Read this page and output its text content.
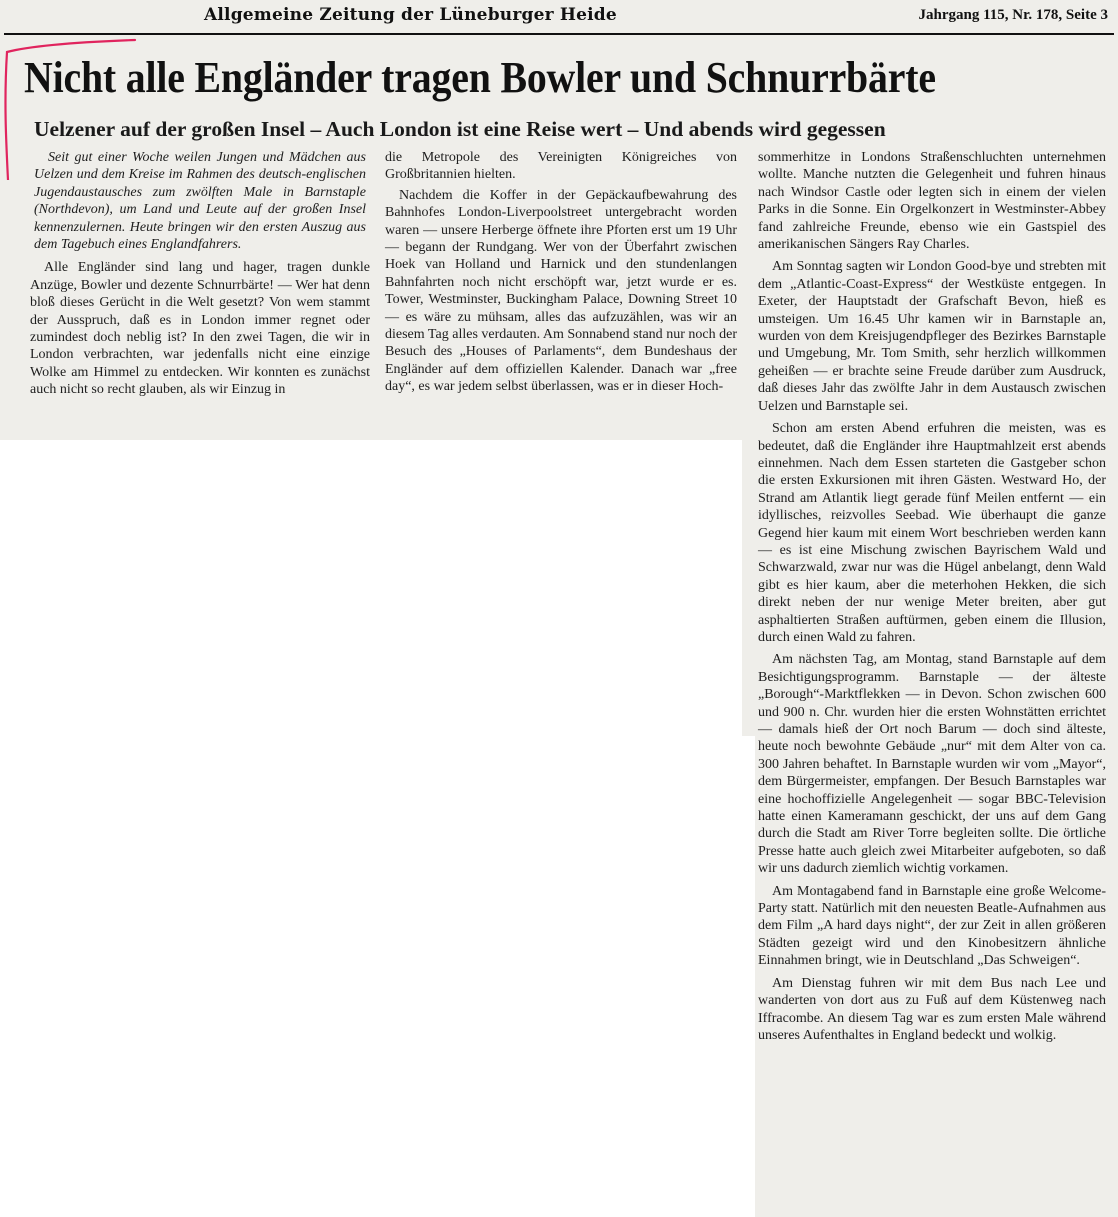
Allgemeine Zeitung der Lüneburger Heide	Jahrgang 115, Nr. 178, Seite 3
Nicht alle Engländer tragen Bowler und Schnurrbärte
Uelzener auf der großen Insel – Auch London ist eine Reise wert – Und abends wird gegessen

Seit gut einer Woche weilen Jungen und Mädchen aus Uelzen und dem Kreise im Rahmen des deutsch-englischen Jugendaustausches zum zwölften Male in Barnstaple (Northdevon), um Land und Leute auf der großen Insel kennenzulernen. Heute bringen wir den ersten Auszug aus dem Tagebuch eines Englandfahrers.

Alle Engländer sind lang und hager, tragen dunkle Anzüge, Bowler und dezente Schnurrbärte! — Wer hat denn bloß dieses Gerücht in die Welt gesetzt? Von wem stammt der Ausspruch, daß es in London immer regnet oder zumindest doch neblig ist? In den zwei Tagen, die wir in London verbrachten, war jedenfalls nicht eine einzige Wolke am Himmel zu entdecken. Wir konnten es zunächst auch nicht so recht glauben, als wir Einzug in

die Metropole des Vereinigten Königreiches von Großbritannien hielten.

Nachdem die Koffer in der Gepäckaufbewahrung des Bahnhofes London-Liverpoolstreet untergebracht worden waren — unsere Herberge öffnete ihre Pforten erst um 19 Uhr — begann der Rundgang. Wer von der Überfahrt zwischen Hoek van Holland und Harnick und den stundenlangen Bahnfahrten noch nicht erschöpft war, jetzt wurde er es. Tower, Westminster, Buckingham Palace, Downing Street 10 — es wäre zu mühsam, alles das aufzuzählen, was wir an diesem Tag alles verdauten. Am Sonnabend stand nur noch der Besuch des „Houses of Parlaments“, dem Bundeshaus der Engländer auf dem offiziellen Kalender. Danach war „free day“, es war jedem selbst überlassen, was er in dieser Hoch-

sommerhitze in Londons Straßenschluchten unternehmen wollte. Manche nutzten die Gelegenheit und fuhren hinaus nach Windsor Castle oder legten sich in einem der vielen Parks in die Sonne. Ein Orgelkonzert in Westminster-Abbey fand zahlreiche Freunde, ebenso wie ein Gastspiel des amerikanischen Sängers Ray Charles.

Am Sonntag sagten wir London Good-bye und strebten mit dem „Atlantic-Coast-Express“ der Westküste entgegen. In Exeter, der Hauptstadt der Grafschaft Bevon, hieß es umsteigen. Um 16.45 Uhr kamen wir in Barnstaple an, wurden von dem Kreisjugendpfleger des Bezirkes Barnstaple und Umgebung, Mr. Tom Smith, sehr herzlich willkommen geheißen — er brachte seine Freude darüber zum Ausdruck, daß dieses Jahr das zwölfte Jahr in dem Austausch zwischen Uelzen und Barnstaple sei.

Schon am ersten Abend erfuhren die meisten, was es bedeutet, daß die Engländer ihre Hauptmahlzeit erst abends einnehmen. Nach dem Essen starteten die Gastgeber schon die ersten Exkursionen mit ihren Gästen. Westward Ho, der Strand am Atlantik liegt gerade fünf Meilen entfernt — ein idyllisches, reizvolles Seebad. Wie überhaupt die ganze Gegend hier kaum mit einem Wort beschrieben werden kann — es ist eine Mischung zwischen Bayrischem Wald und Schwarzwald, zwar nur was die Hügel anbelangt, denn Wald gibt es hier kaum, aber die meterhohen Hekken, die sich direkt neben der nur wenige Meter breiten, aber gut asphaltierten Straßen auftürmen, geben einem die Illusion, durch einen Wald zu fahren.

Am nächsten Tag, am Montag, stand Barnstaple auf dem Besichtigungsprogramm. Barnstaple — der älteste „Borough“-Marktflekken — in Devon. Schon zwischen 600 und 900 n. Chr. wurden hier die ersten Wohnstätten errichtet — damals hieß der Ort noch Barum — doch sind älteste, heute noch bewohnte Gebäude „nur“ mit dem Alter von ca. 300 Jahren behaftet. In Barnstaple wurden wir vom „Mayor“, dem Bürgermeister, empfangen. Der Besuch Barnstaples war eine hochoffizielle Angelegenheit — sogar BBC-Television hatte einen Kameramann geschickt, der uns auf dem Gang durch die Stadt am River Torre begleiten sollte. Die örtliche Presse hatte auch gleich zwei Mitarbeiter aufgeboten, so daß wir uns dadurch ziemlich wichtig vorkamen.

Am Montagabend fand in Barnstaple eine große Welcome-Party statt. Natürlich mit den neuesten Beatle-Aufnahmen aus dem Film „A hard days night“, der zur Zeit in allen größeren Städten gezeigt wird und den Kinobesitzern ähnliche Einnahmen bringt, wie in Deutschland „Das Schweigen“.

Am Dienstag fuhren wir mit dem Bus nach Lee und wanderten von dort aus zu Fuß auf dem Küstenweg nach Iffracombe. An diesem Tag war es zum ersten Male während unseres Aufenthaltes in England bedeckt und wolkig.
